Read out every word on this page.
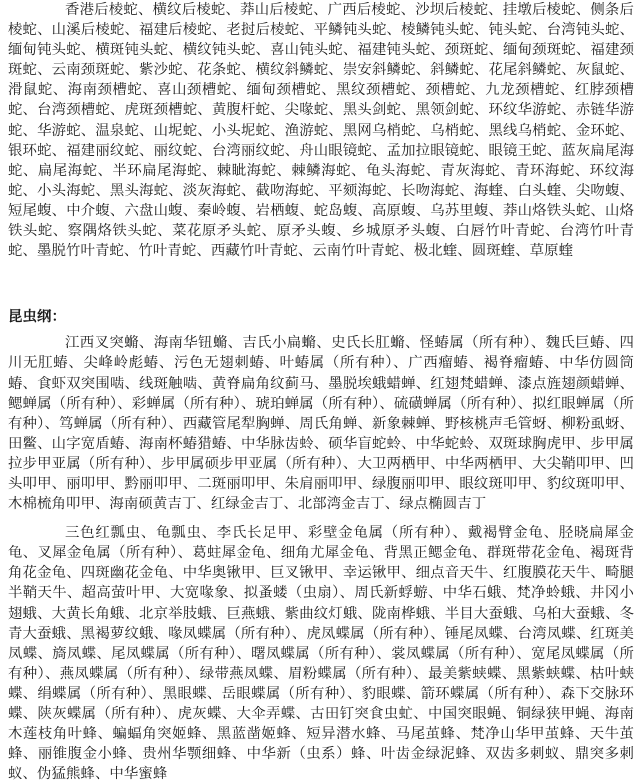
香港后棱蛇、横纹后棱蛇、莽山后棱蛇、广西后棱蛇、沙坝后棱蛇、挂墩后棱蛇、侧条后棱蛇、山溪后棱蛇、福建后棱蛇、老挝后棱蛇、平鳞钝头蛇、棱鳞钝头蛇、钝头蛇、台湾钝头蛇、缅甸钝头蛇、横斑钝头蛇、横纹钝头蛇、喜山钝头蛇、福建钝头蛇、颈斑蛇、缅甸颈斑蛇、福建颈斑蛇、云南颈斑蛇、紫沙蛇、花条蛇、横纹斜鳞蛇、崇安斜鳞蛇、斜鳞蛇、花尾斜鳞蛇、灰鼠蛇、滑鼠蛇、海南颈槽蛇、喜山颈槽蛇、缅甸颈槽蛇、黑纹颈槽蛇、颈槽蛇、九龙颈槽蛇、红脖颈槽蛇、台湾颈槽蛇、虎斑颈槽蛇、黄腹杆蛇、尖喙蛇、黑头剑蛇、黑领剑蛇、环纹华游蛇、赤链华游蛇、华游蛇、温泉蛇、山坭蛇、小头坭蛇、渔游蛇、黑网乌梢蛇、乌梢蛇、黑线乌梢蛇、金环蛇、银环蛇、福建丽纹蛇、丽纹蛇、台湾丽纹蛇、舟山眼镜蛇、孟加拉眼镜蛇、眼镜王蛇、蓝灰扁尾海蛇、扁尾海蛇、半环扁尾海蛇、棘眦海蛇、棘鳞海蛇、龟头海蛇、青灰海蛇、青环海蛇、环纹海蛇、小头海蛇、黑头海蛇、淡灰海蛇、截吻海蛇、平颏海蛇、长吻海蛇、海蝰、白头蝰、尖吻蝮、短尾蝮、中介蝮、六盘山蝮、秦岭蝮、岩栖蝮、蛇岛蝮、高原蝮、乌苏里蝮、莽山烙铁头蛇、山烙铁头蛇、察隅烙铁头蛇、菜花原矛头蛇、原矛头蝮、乡城原矛头蝮、白唇竹叶青蛇、台湾竹叶青蛇、墨脱竹叶青蛇、竹叶青蛇、西藏竹叶青蛇、云南竹叶青蛇、极北蝰、圆斑蝰、草原蝰

昆虫纲：

江西叉突䗛、海南华钮䗛、吉氏小扁䗛、史氏长肛䗛、怪蝽属（所有种）、魏氏巨蝽、四川无肛蝽、尖峰岭彪蝽、污色无翅刺蝽、叶蝽属（所有种）、广西瘤蝽、褐脊瘤蝽、中华仿圆筒蝽、食虾双突围啮、线斑触啮、黄脊扁角纹蓟马、墨脱埃蛾蜡蝉、红翅梵蜡蝉、漆点旌翅颜蜡蝉、鳃蝉属（所有种）、彩蝉属（所有种）、琥珀蝉属（所有种）、硫磺蝉属（所有种）、拟红眼蝉属（所有种）、笃蝉属（所有种）、西藏管尾犁胸蝉、周氏角蝉、新象棘蝉、野核桃声毛管蚜、柳粉虱蚜、田鳖、山字宽盾蝽、海南杯蝽猎蝽、中华脉齿蛉、硕华盲蛇蛉、中华蛇蛉、双斑球胸虎甲、步甲属拉步甲亚属（所有种）、步甲属硕步甲亚属（所有种）、大卫两栖甲、中华两栖甲、大尖鞘叩甲、凹头叩甲、丽叩甲、黔丽叩甲、二斑丽叩甲、朱肩丽叩甲、绿腹丽叩甲、眼纹斑叩甲、豹纹斑叩甲、木棉梳角叩甲、海南硕黄吉丁、红绿金吉丁、北部湾金吉丁、绿点椭圆吉丁

三色红瓢虫、龟瓢虫、李氏长足甲、彩壁金龟属（所有种）、戴褐臂金龟、胫晓扁犀金龟、叉犀金龟属（所有种）、葛蛀犀金龟、细角尤犀金龟、背黑正鳃金龟、群斑带花金龟、褐斑背角花金龟、四斑幽花金龟、中华奥锹甲、巨叉锹甲、幸运锹甲、细点音天牛、红腹膜花天牛、畸腿半鞘天牛、超高萤叶甲、大宽喙象、拟蚤蝼（虫扇）、周氏新蜉蝣、中华石蛾、梵净蛉蛾、井冈小翅蛾、大黄长角蛾、北京举肢蛾、巨燕蛾、紫曲纹灯蛾、陇南桦蛾、半目大蚕蛾、乌桕大蚕蛾、冬青大蚕蛾、黑褐萝纹蛾、喙凤蝶属（所有种）、虎凤蝶属（所有种）、锤尾凤蝶、台湾凤蝶、红斑美凤蝶、旖凤蝶、尾凤蝶属（所有种）、曙凤蝶属（所有种）、裳凤蝶属（所有种）、宽尾凤蝶属（所有种）、燕凤蝶属（所有种）、绿带燕凤蝶、眉粉蝶属（所有种）、最美紫蛱蝶、黑紫蛱蝶、枯叶蛱蝶、绢蝶属（所有种）、黑眼蝶、岳眼蝶属（所有种）、豹眼蝶、箭环蝶属（所有种）、森下交脉环蝶、陕灰蝶属（所有种）、虎灰蝶、大伞弄蝶、古田钉突食虫虻、中国突眼蝇、铜绿狭甲蝇、海南木莲枝角叶蜂、蝙蝠角突姬蜂、黑蓝凿姬蜂、短异潜水蜂、马尾茧蜂、梵净山华甲茧蜂、天牛茧蜂、丽锥腹金小蜂、贵州华颚细蜂、中华新（虫系）蜂、叶齿金绿泥蜂、双齿多刺蚁、鼎突多刺蚁、伪猛熊蜂、中华蜜蜂
